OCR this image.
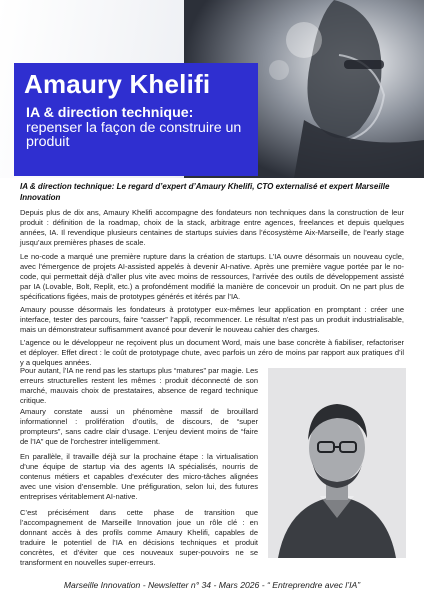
Amaury Khelifi
IA & direction technique:
repenser la façon de construire un produit

IA & direction technique: Le regard d’expert d’Amaury Khelifi, CTO externalisé et expert Marseille Innovation

Depuis plus de dix ans, Amaury Khelifi accompagne des fondateurs non techniques dans la construction de leur produit : définition de la roadmap, choix de la stack, arbitrage entre agences, freelances et depuis quelques années, IA. Il revendique plusieurs centaines de startups suivies dans l’écosystème Aix-Marseille, de l’early stage jusqu’aux premières phases de scale.

Le no-code a marqué une première rupture dans la création de startups. L’IA ouvre désormais un nouveau cycle, avec l’émergence de projets AI-assisted appelés à devenir AI-native. Après une première vague portée par le no-code, qui permettait déjà d’aller plus vite avec moins de ressources, l’arrivée des outils de développement assisté par IA (Lovable, Bolt, Replit, etc.) a profondément modifié la manière de concevoir un produit. On ne part plus de spécifications figées, mais de prototypes générés et itérés par l’IA.

Amaury pousse désormais les fondateurs à prototyper eux-mêmes leur application en promptant : créer une interface, tester des parcours, faire “casser” l’appli, recommencer. Le résultat n’est pas un produit industrialisable, mais un démonstrateur suffisamment avancé pour devenir le nouveau cahier des charges.

L’agence ou le développeur ne reçoivent plus un document Word, mais une base concrète à fiabiliser, refactoriser et déployer. Effet direct : le coût de prototypage chute, avec parfois un zéro de moins par rapport aux pratiques d’il y a quelques années.

Pour autant, l’IA ne rend pas les startups plus “matures” par magie. Les erreurs structurelles restent les mêmes : produit déconnecté de son marché, mauvais choix de prestataires, absence de regard technique critique.

Amaury constate aussi un phénomène massif de brouillard informationnel : prolifération d’outils, de discours, de “super prompteurs”, sans cadre clair d’usage. L’enjeu devient moins de “faire de l’IA” que de l’orchestrer intelligemment.

En parallèle, il travaille déjà sur la prochaine étape : la virtualisation d’une équipe de startup via des agents IA spécialisés, nourris de contenus métiers et capables d’exécuter des micro-tâches alignées avec une vision d’ensemble. Une préfiguration, selon lui, des futures entreprises véritablement AI-native.

C’est précisément dans cette phase de transition que l’accompagnement de Marseille Innovation joue un rôle clé : en donnant accès à des profils comme Amaury Khelifi, capables de traduire le potentiel de l’IA en décisions techniques et produit concrètes, et d’éviter que ces nouveaux super-pouvoirs ne se transforment en nouvelles super-erreurs.

Marseille Innovation - Newsletter n° 34 - Mars 2026 - “ Entreprendre avec l’IA”
